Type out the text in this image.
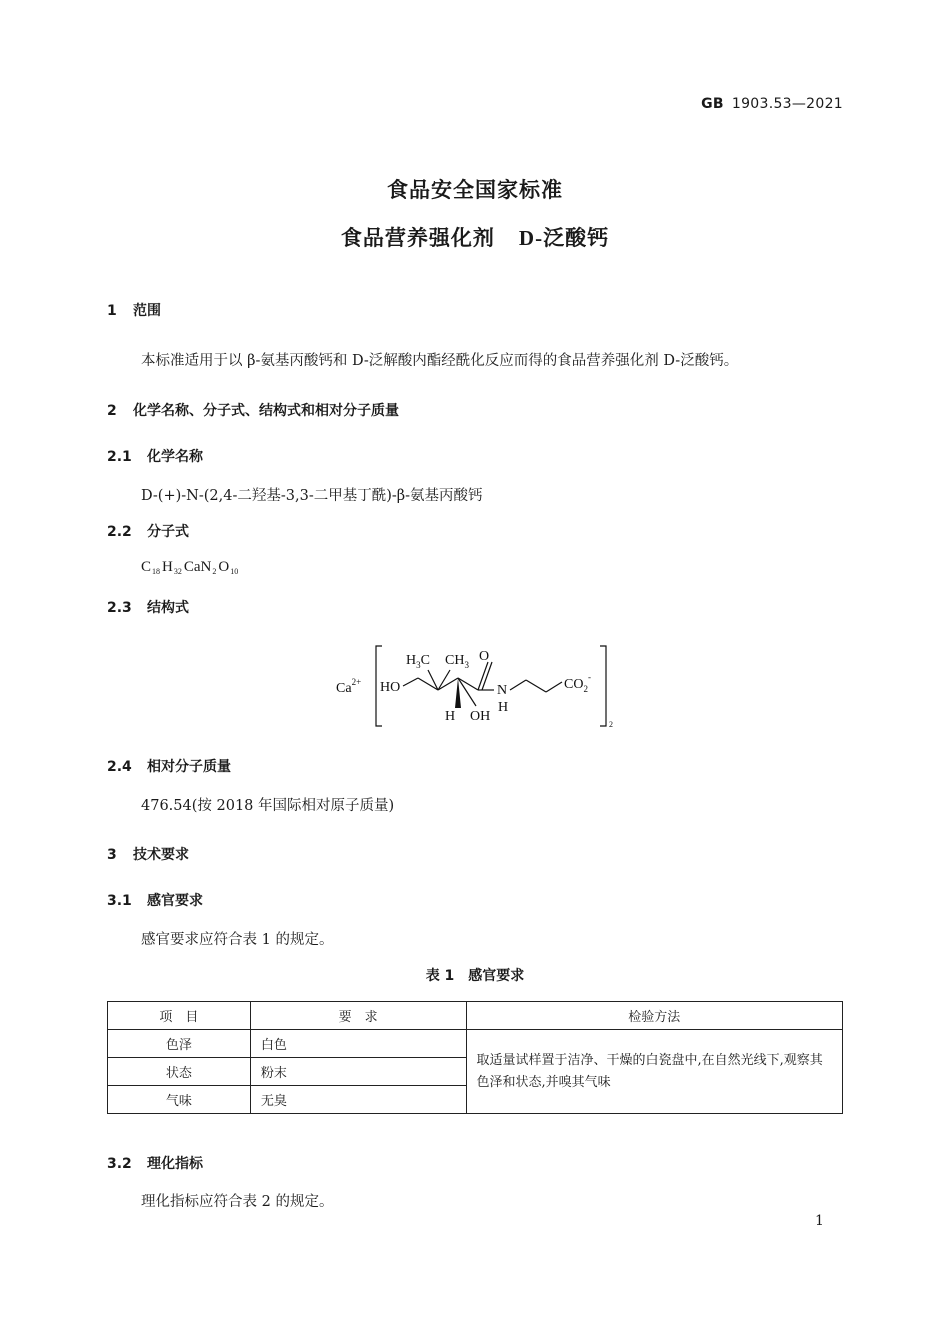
GB 1903.53—2021
食品安全国家标准
食品营养强化剂 D-泛酸钙
1 范围
本标准适用于以 β-氨基丙酸钙和 D-泛解酸内酯经酰化反应而得的食品营养强化剂 D-泛酸钙。
2 化学名称、分子式、结构式和相对分子质量
2.1 化学名称
D-(+)-N-(2,4-二羟基-3,3-二甲基丁酰)-β-氨基丙酸钙
2.2 分子式
$C_{18}$ $H_{32}$ CaN$_2$ $O_{10}$
2.3 结构式
$Ca^{2+}$
2
HO
$H_3C$ $CH_3$
O
N
H
H OH
$CO_2^-$
2.4 相对分子质量
476.54(按 2018 年国际相对原子质量)
3 技术要求
3.1 感官要求
感官要求应符合表 1 的规定。
表 1　感官要求
项　目	要　求	检验方法
色泽	白色	取适量试样置于洁净、干燥的白瓷盘中,在自然光线下,观察其色泽和状态,并嗅其气味
状态	粉末	
气味	无臭	
3.2 理化指标
理化指标应符合表 2 的规定。
1
